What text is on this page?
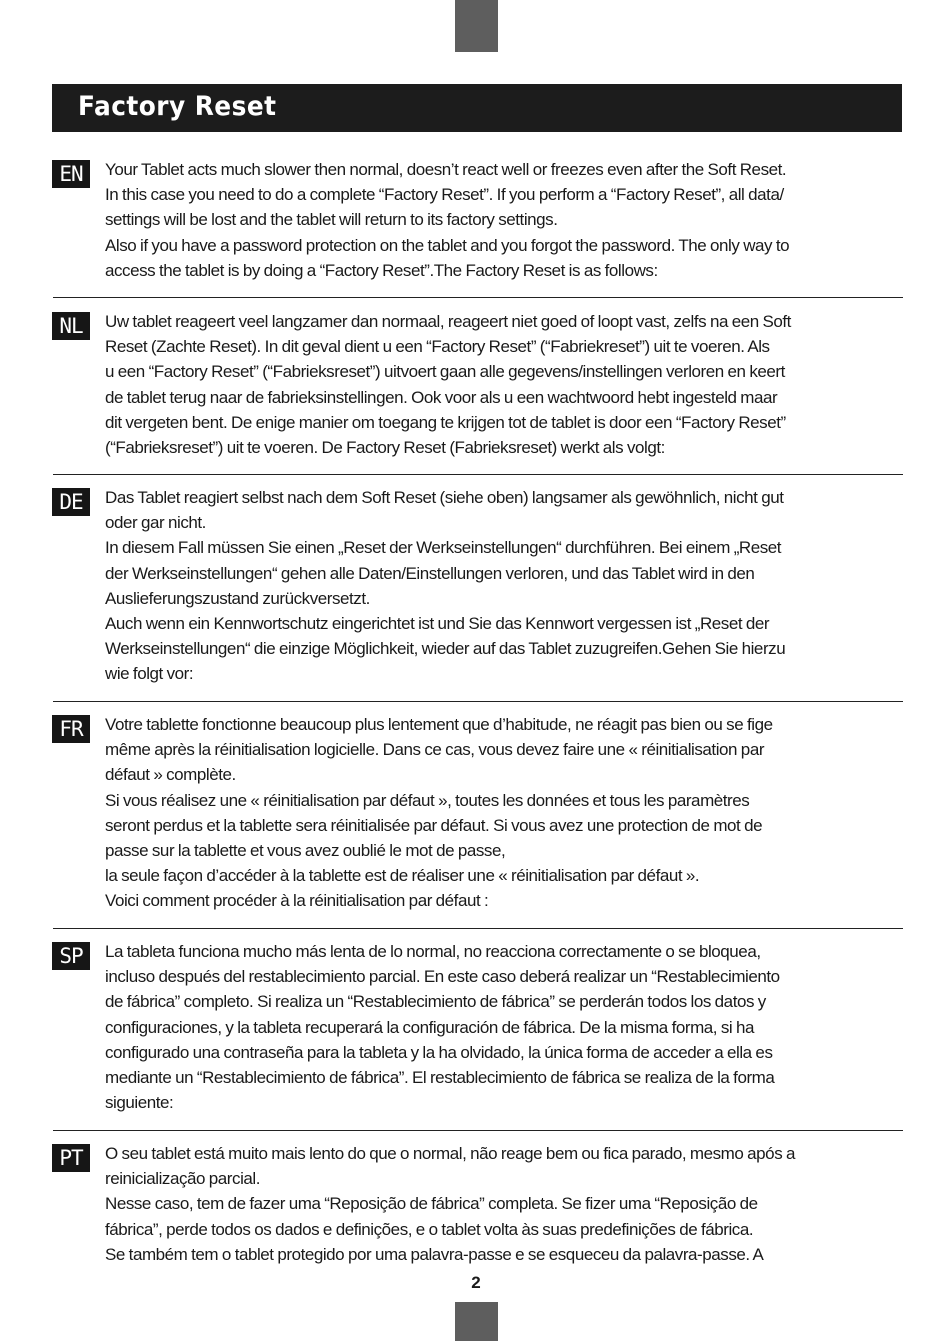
Factory Reset
EN	Your Tablet acts much slower then normal, doesn’t react well or freezes even after the Soft Reset.
In this case you need to do a complete “Factory Reset”. If you perform a “Factory Reset”, all data/
settings will be lost and the tablet will return to its factory settings.

Also if you have a password protection on the tablet and you forgot the password. The only way to
access the tablet is by doing a “Factory Reset”.The Factory Reset is as follows:

NL	Uw tablet reageert veel langzamer dan normaal, reageert niet goed of loopt vast, zelfs na een Soft
Reset (Zachte Reset). In dit geval dient u een “Factory Reset” (“Fabriekreset”) uit te voeren. Als
u een “Factory Reset” (“Fabrieksreset”) uitvoert gaan alle gegevens/instellingen verloren en keert
de tablet terug naar de fabrieksinstellingen. Ook voor als u een wachtwoord hebt ingesteld maar
dit vergeten bent. De enige manier om toegang te krijgen tot de tablet is door een “Factory Reset”
(“Fabrieksreset”) uit te voeren. De Factory Reset (Fabrieksreset) werkt als volgt:

DE	Das Tablet reagiert selbst nach dem Soft Reset (siehe oben) langsamer als gewöhnlich, nicht gut
oder gar nicht.

In diesem Fall müssen Sie einen „Reset der Werkseinstellungen“ durchführen. Bei einem „Reset
der Werkseinstellungen“ gehen alle Daten/Einstellungen verloren, und das Tablet wird in den
Auslieferungszustand zurückversetzt.

Auch wenn ein Kennwortschutz eingerichtet ist und Sie das Kennwort vergessen ist „Reset der
Werkseinstellungen“ die einzige Möglichkeit, wieder auf das Tablet zuzugreifen.Gehen Sie hierzu
wie folgt vor:

FR	Votre tablette fonctionne beaucoup plus lentement que d’habitude, ne réagit pas bien ou se fige
même après la réinitialisation logicielle. Dans ce cas, vous devez faire une « réinitialisation par
défaut » complète.

Si vous réalisez une « réinitialisation par défaut », toutes les données et tous les paramètres
seront perdus et la tablette sera réinitialisée par défaut. Si vous avez une protection de mot de
passe sur la tablette et vous avez oublié le mot de passe,

la seule façon d’accéder à la tablette est de réaliser une « réinitialisation par défaut ».

Voici comment procéder à la réinitialisation par défaut :

SP	La tableta funciona mucho más lenta de lo normal, no reacciona correctamente o se bloquea,
incluso después del restablecimiento parcial. En este caso deberá realizar un “Restablecimiento
de fábrica” completo. Si realiza un “Restablecimiento de fábrica” se perderán todos los datos y
configuraciones, y la tableta recuperará la configuración de fábrica. De la misma forma, si ha
configurado una contraseña para la tableta y la ha olvidado, la única forma de acceder a ella es
mediante un “Restablecimiento de fábrica”. El restablecimiento de fábrica se realiza de la forma
siguiente:

PT	O seu tablet está muito mais lento do que o normal, não reage bem ou fica parado, mesmo após a
reinicialização parcial.

Nesse caso, tem de fazer uma “Reposição de fábrica” completa. Se fizer uma “Reposição de
fábrica”, perde todos os dados e definições, e o tablet volta às suas predefinições de fábrica.

Se também tem o tablet protegido por uma palavra-passe e se esqueceu da palavra-passe. A

2
